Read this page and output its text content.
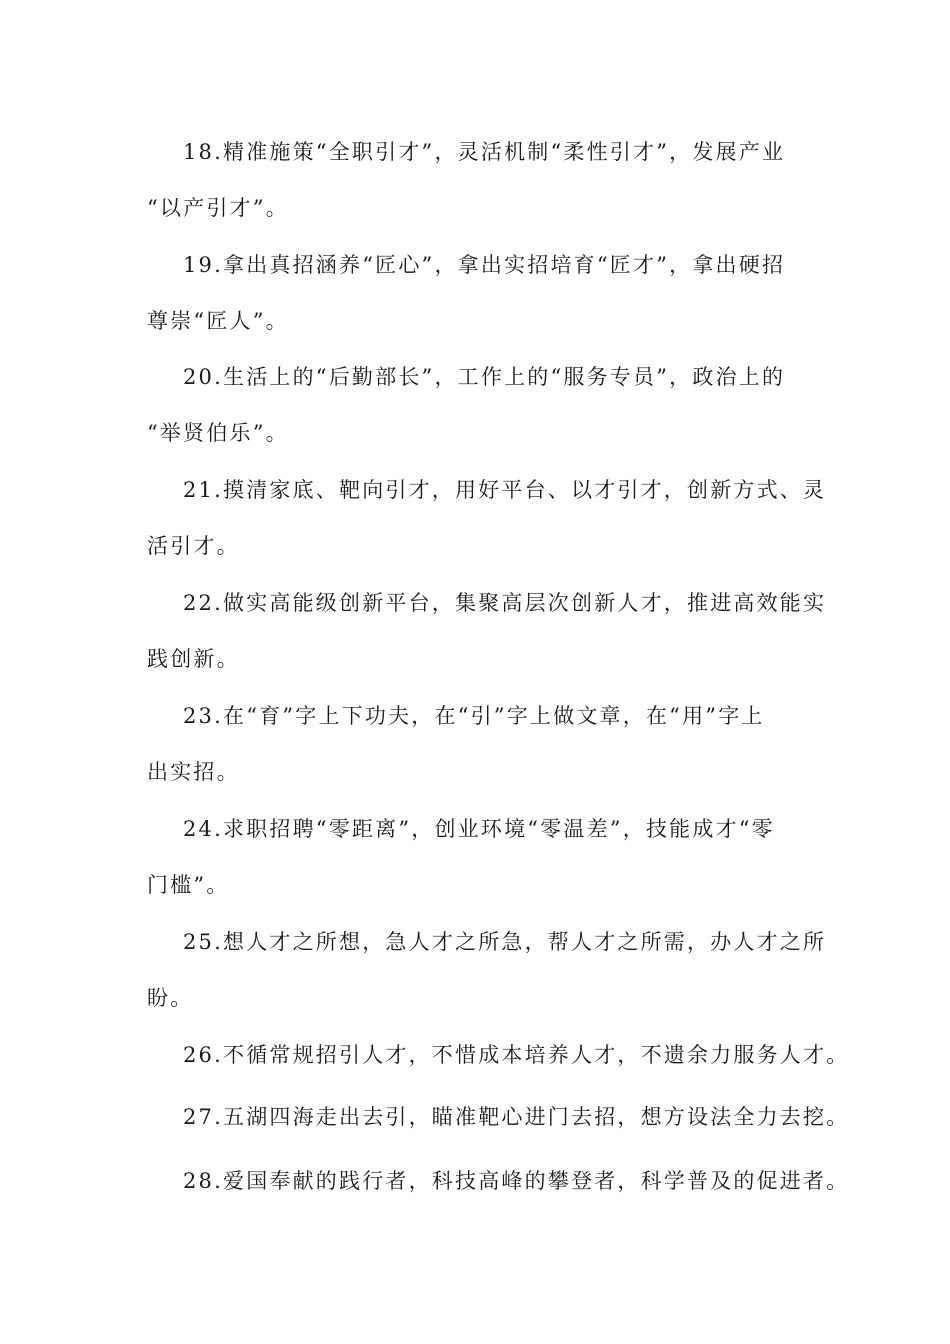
18.精准施策“全职引才”，灵活机制“柔性引才”，发展产业
“以产引才”。
19.拿出真招涵养“匠心”，拿出实招培育“匠才”，拿出硬招
尊崇“匠人”。
20.生活上的“后勤部长”，工作上的“服务专员”，政治上的
“举贤伯乐”。
21.摸清家底、靶向引才，用好平台、以才引才，创新方式、灵
活引才。
22.做实高能级创新平台，集聚高层次创新人才，推进高效能实
践创新。
23.在“育”字上下功夫，在“引”字上做文章，在“用”字上
出实招。
24.求职招聘“零距离”，创业环境“零温差”，技能成才“零
门槛”。
25.想人才之所想，急人才之所急，帮人才之所需，办人才之所
盼。
26.不循常规招引人才，不惜成本培养人才，不遗余力服务人才。
27.五湖四海走出去引，瞄准靶心进门去招，想方设法全力去挖。
28.爱国奉献的践行者，科技高峰的攀登者，科学普及的促进者。
